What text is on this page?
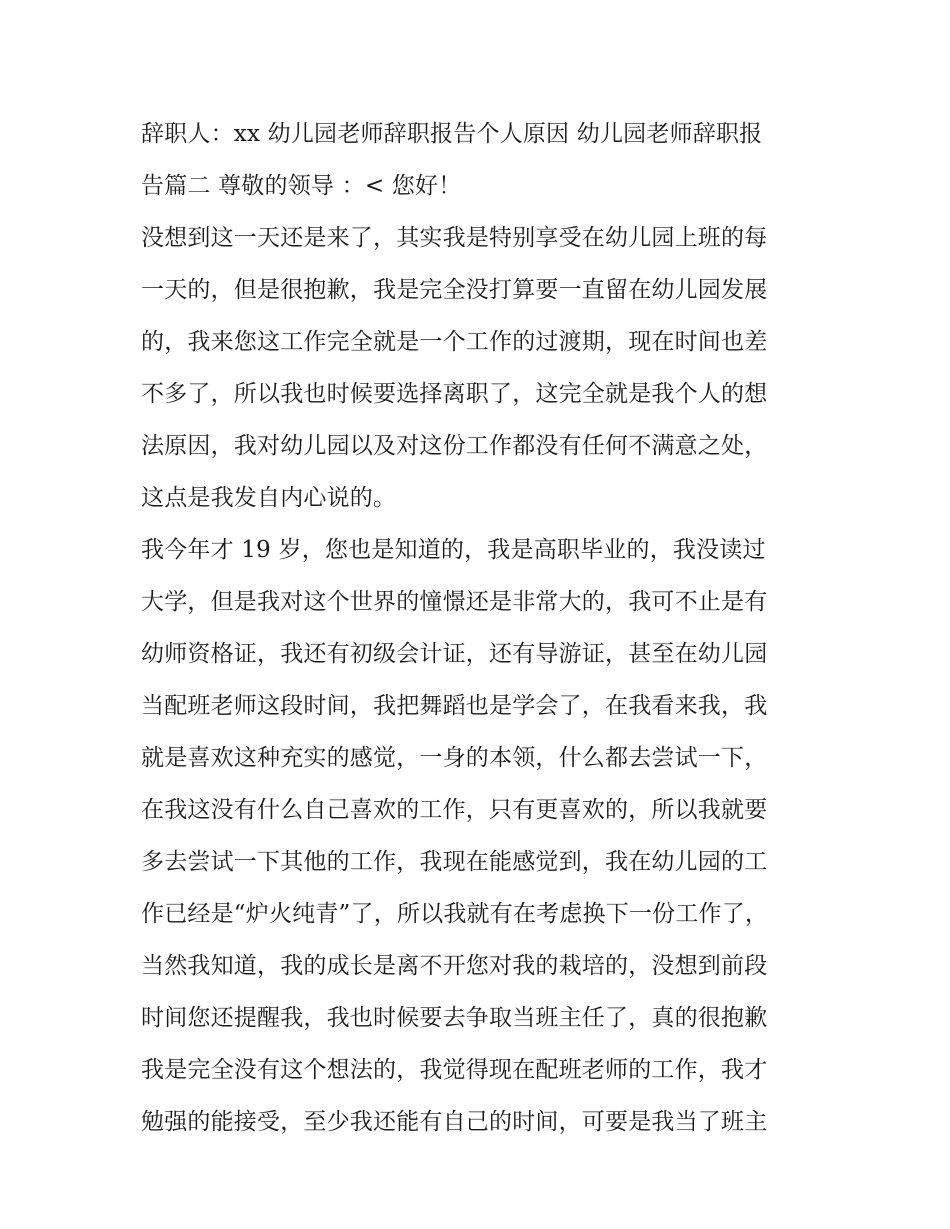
辞职人：xx 幼儿园老师辞职报告个人原因 幼儿园老师辞职报
告篇二 尊敬的领导 ：< 您好！
没想到这一天还是来了，其实我是特别享受在幼儿园上班的每
一天的，但是很抱歉，我是完全没打算要一直留在幼儿园发展
的，我来您这工作完全就是一个工作的过渡期，现在时间也差
不多了，所以我也时候要选择离职了，这完全就是我个人的想
法原因，我对幼儿园以及对这份工作都没有任何不满意之处，
这点是我发自内心说的。
我今年才 19 岁，您也是知道的，我是高职毕业的，我没读过
大学，但是我对这个世界的憧憬还是非常大的，我可不止是有
幼师资格证，我还有初级会计证，还有导游证，甚至在幼儿园
当配班老师这段时间，我把舞蹈也是学会了，在我看来我，我
就是喜欢这种充实的感觉，一身的本领，什么都去尝试一下，
在我这没有什么自己喜欢的工作，只有更喜欢的，所以我就要
多去尝试一下其他的工作，我现在能感觉到，我在幼儿园的工
作已经是“炉火纯青”了，所以我就有在考虑换下一份工作了，
当然我知道，我的成长是离不开您对我的栽培的，没想到前段
时间您还提醒我，我也时候要去争取当班主任了，真的很抱歉
我是完全没有这个想法的，我觉得现在配班老师的工作，我才
勉强的能接受，至少我还能有自己的时间，可要是我当了班主
